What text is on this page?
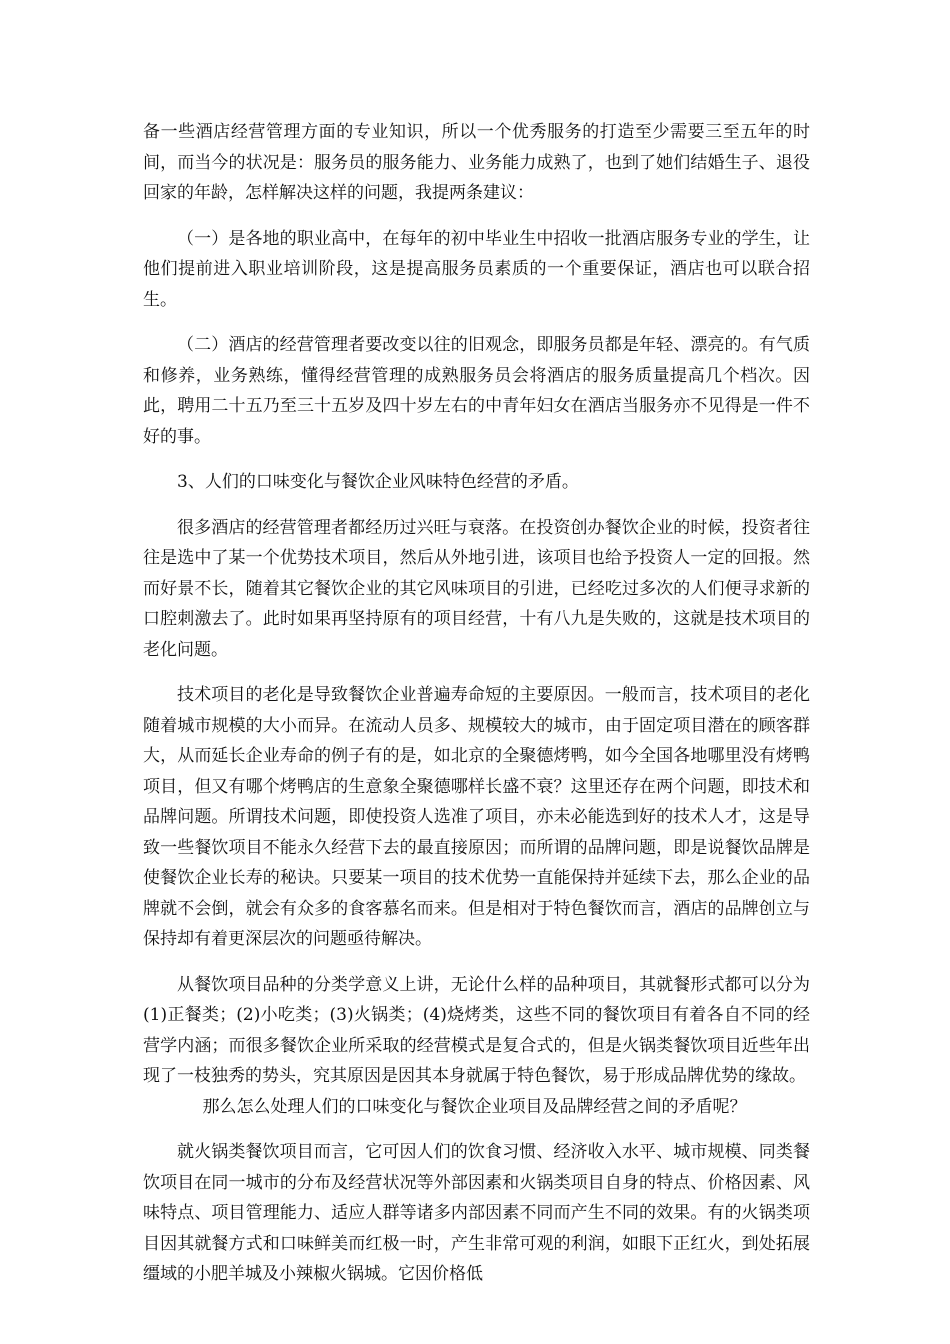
备一些酒店经营管理方面的专业知识，所以一个优秀服务的打造至少需要三至五年的时间，而当今的状况是：服务员的服务能力、业务能力成熟了，也到了她们结婚生子、退役回家的年龄，怎样解决这样的问题，我提两条建议：

（一）是各地的职业高中，在每年的初中毕业生中招收一批酒店服务专业的学生，让他们提前进入职业培训阶段，这是提高服务员素质的一个重要保证，酒店也可以联合招生。

（二）酒店的经营管理者要改变以往的旧观念，即服务员都是年轻、漂亮的。有气质和修养，业务熟练，懂得经营管理的成熟服务员会将酒店的服务质量提高几个档次。因此，聘用二十五乃至三十五岁及四十岁左右的中青年妇女在酒店当服务亦不见得是一件不好的事。

3、人们的口味变化与餐饮企业风味特色经营的矛盾。

很多酒店的经营管理者都经历过兴旺与衰落。在投资创办餐饮企业的时候，投资者往往是选中了某一个优势技术项目，然后从外地引进，该项目也给予投资人一定的回报。然而好景不长，随着其它餐饮企业的其它风味项目的引进，已经吃过多次的人们便寻求新的口腔刺激去了。此时如果再坚持原有的项目经营，十有八九是失败的，这就是技术项目的老化问题。

技术项目的老化是导致餐饮企业普遍寿命短的主要原因。一般而言，技术项目的老化随着城市规模的大小而异。在流动人员多、规模较大的城市，由于固定项目潜在的顾客群大，从而延长企业寿命的例子有的是，如北京的全聚德烤鸭，如今全国各地哪里没有烤鸭项目，但又有哪个烤鸭店的生意象全聚德哪样长盛不衰？这里还存在两个问题，即技术和品牌问题。所谓技术问题，即使投资人选准了项目，亦未必能选到好的技术人才，这是导致一些餐饮项目不能永久经营下去的最直接原因；而所谓的品牌问题，即是说餐饮品牌是使餐饮企业长寿的秘诀。只要某一项目的技术优势一直能保持并延续下去，那么企业的品牌就不会倒，就会有众多的食客慕名而来。但是相对于特色餐饮而言，酒店的品牌创立与保持却有着更深层次的问题亟待解决。

从餐饮项目品种的分类学意义上讲，无论什么样的品种项目，其就餐形式都可以分为(1)正餐类；(2)小吃类；(3)火锅类；(4)烧烤类，这些不同的餐饮项目有着各自不同的经营学内涵；而很多餐饮企业所采取的经营模式是复合式的，但是火锅类餐饮项目近些年出现了一枝独秀的势头，究其原因是因其本身就属于特色餐饮，易于形成品牌优势的缘故。

那么怎么处理人们的口味变化与餐饮企业项目及品牌经营之间的矛盾呢？

就火锅类餐饮项目而言，它可因人们的饮食习惯、经济收入水平、城市规模、同类餐饮项目在同一城市的分布及经营状况等外部因素和火锅类项目自身的特点、价格因素、风味特点、项目管理能力、适应人群等诸多内部因素不同而产生不同的效果。有的火锅类项目因其就餐方式和口味鲜美而红极一时，产生非常可观的利润，如眼下正红火，到处拓展缰域的小肥羊城及小辣椒火锅城。它因价格低
